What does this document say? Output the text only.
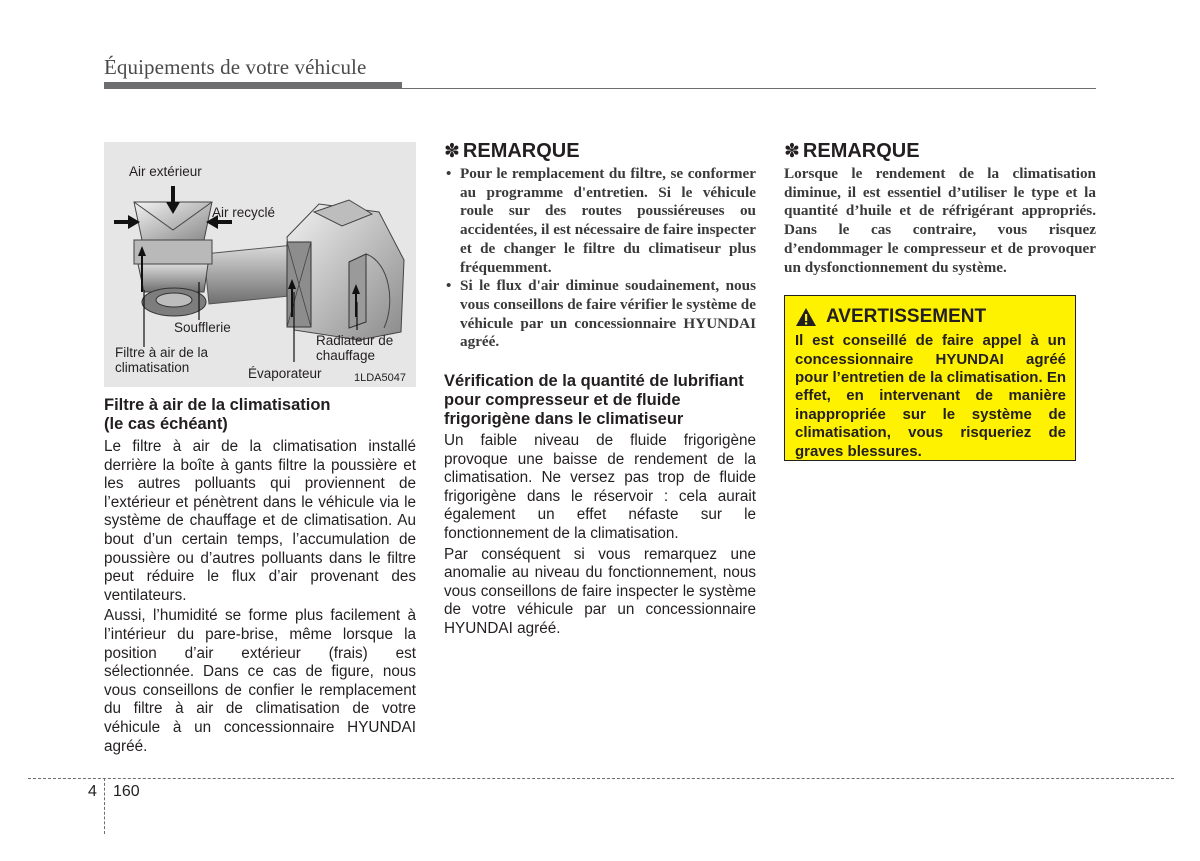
Équipements de votre véhicule
Air extérieur
Air recyclé
Soufflerie
Filtre à air de la
climatisation
Radiateur de
chauffage
Évaporateur	1LDA5047

Filtre à air de la climatisation

(le cas échéant)

Le filtre à air de la climatisation installé derrière la boîte à gants filtre la poussière et les autres polluants qui proviennent de l’extérieur et pénètrent dans le véhicule via le système de chauffage et de climatisation. Au bout d’un certain temps, l’accumulation de poussière ou d’autres polluants dans le filtre peut réduire le flux d’air provenant des ventilateurs.

Aussi, l’humidité se forme plus facilement à l’intérieur du pare-brise, même lorsque la position d’air extérieur (frais) est sélectionnée. Dans ce cas de figure, nous vous conseillons de confier le remplacement du filtre à air de climatisation de votre véhicule à un concessionnaire HYUNDAI agréé.

✽ REMARQUE
• Pour le remplacement du filtre, se conformer au programme d'entretien. Si le véhicule roule sur des routes poussiéreuses ou accidentées, il est nécessaire de faire inspecter et de changer le filtre du climatiseur plus fréquemment.
• Si le flux d'air diminue soudainement, nous vous conseillons de faire vérifier le système de véhicule par un concessionnaire HYUNDAI agréé.

Vérification de la quantité de lubrifiant pour compresseur et de fluide frigorigène dans le climatiseur

Un faible niveau de fluide frigorigène provoque une baisse de rendement de la climatisation. Ne versez pas trop de fluide frigorigène dans le réservoir : cela aurait également un effet néfaste sur le fonctionnement de la climatisation.

Par conséquent si vous remarquez une anomalie au niveau du fonctionnement, nous vous conseillons de faire inspecter le système de votre véhicule par un concessionnaire HYUNDAI agréé.

✽ REMARQUE

Lorsque le rendement de la climatisation diminue, il est essentiel d’utiliser le type et la quantité d’huile et de réfrigérant appropriés. Dans le cas contraire, vous risquez d’endommager le compresseur et de provoquer un dysfonctionnement du système.

AVERTISSEMENT

Il est conseillé de faire appel à un concessionnaire HYUNDAI agréé pour l’entretien de la climatisation. En effet, en intervenant de manière inappropriée sur le système de climatisation, vous risqueriez de graves blessures.

4 160
